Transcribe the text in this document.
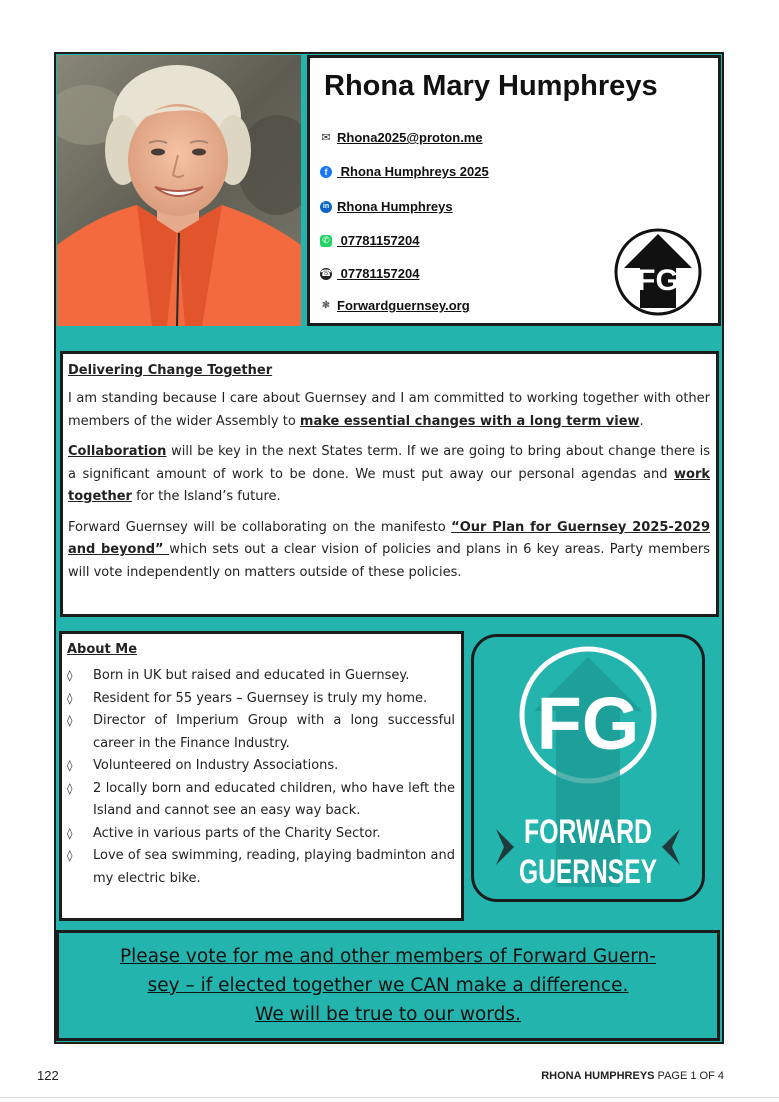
Rhona Mary Humphreys
✉ Rhona2025@proton.me
f Rhona Humphreys 2025
in Rhona Humphreys
✆ 07781157204
☎ 07781157204
❃ Forwardguernsey.org
FG
Delivering Change Together

I am standing because I care about Guernsey and I am committed to working together with other members of the wider Assembly to make essential changes with a long term view.

Collaboration will be key in the next States term. If we are going to bring about change there is a significant amount of work to be done. We must put away our personal agendas and work together for the Island’s future.

Forward Guernsey will be collaborating on the manifesto “Our Plan for Guernsey 2025-2029 and beyond” which sets out a clear vision of policies and plans in 6 key areas. Party members will vote independently on matters outside of these policies.

About Me
◊ Born in UK but raised and educated in Guernsey.
◊ Resident for 55 years – Guernsey is truly my home.
◊ Director of Imperium Group with a long successful career in the Finance Industry.
◊ Volunteered on Industry Associations.
◊ 2 locally born and educated children, who have left the Island and cannot see an easy way back.
◊ Active in various parts of the Charity Sector.
◊ Love of sea swimming, reading, playing badminton and my electric bike.
FG
FORWARD
GUERNSEY
Please vote for me and other members of Forward Guern-
sey – if elected together we CAN make a difference.
We will be true to our words.
122	RHONA HUMPHREYS PAGE 1 OF 4
